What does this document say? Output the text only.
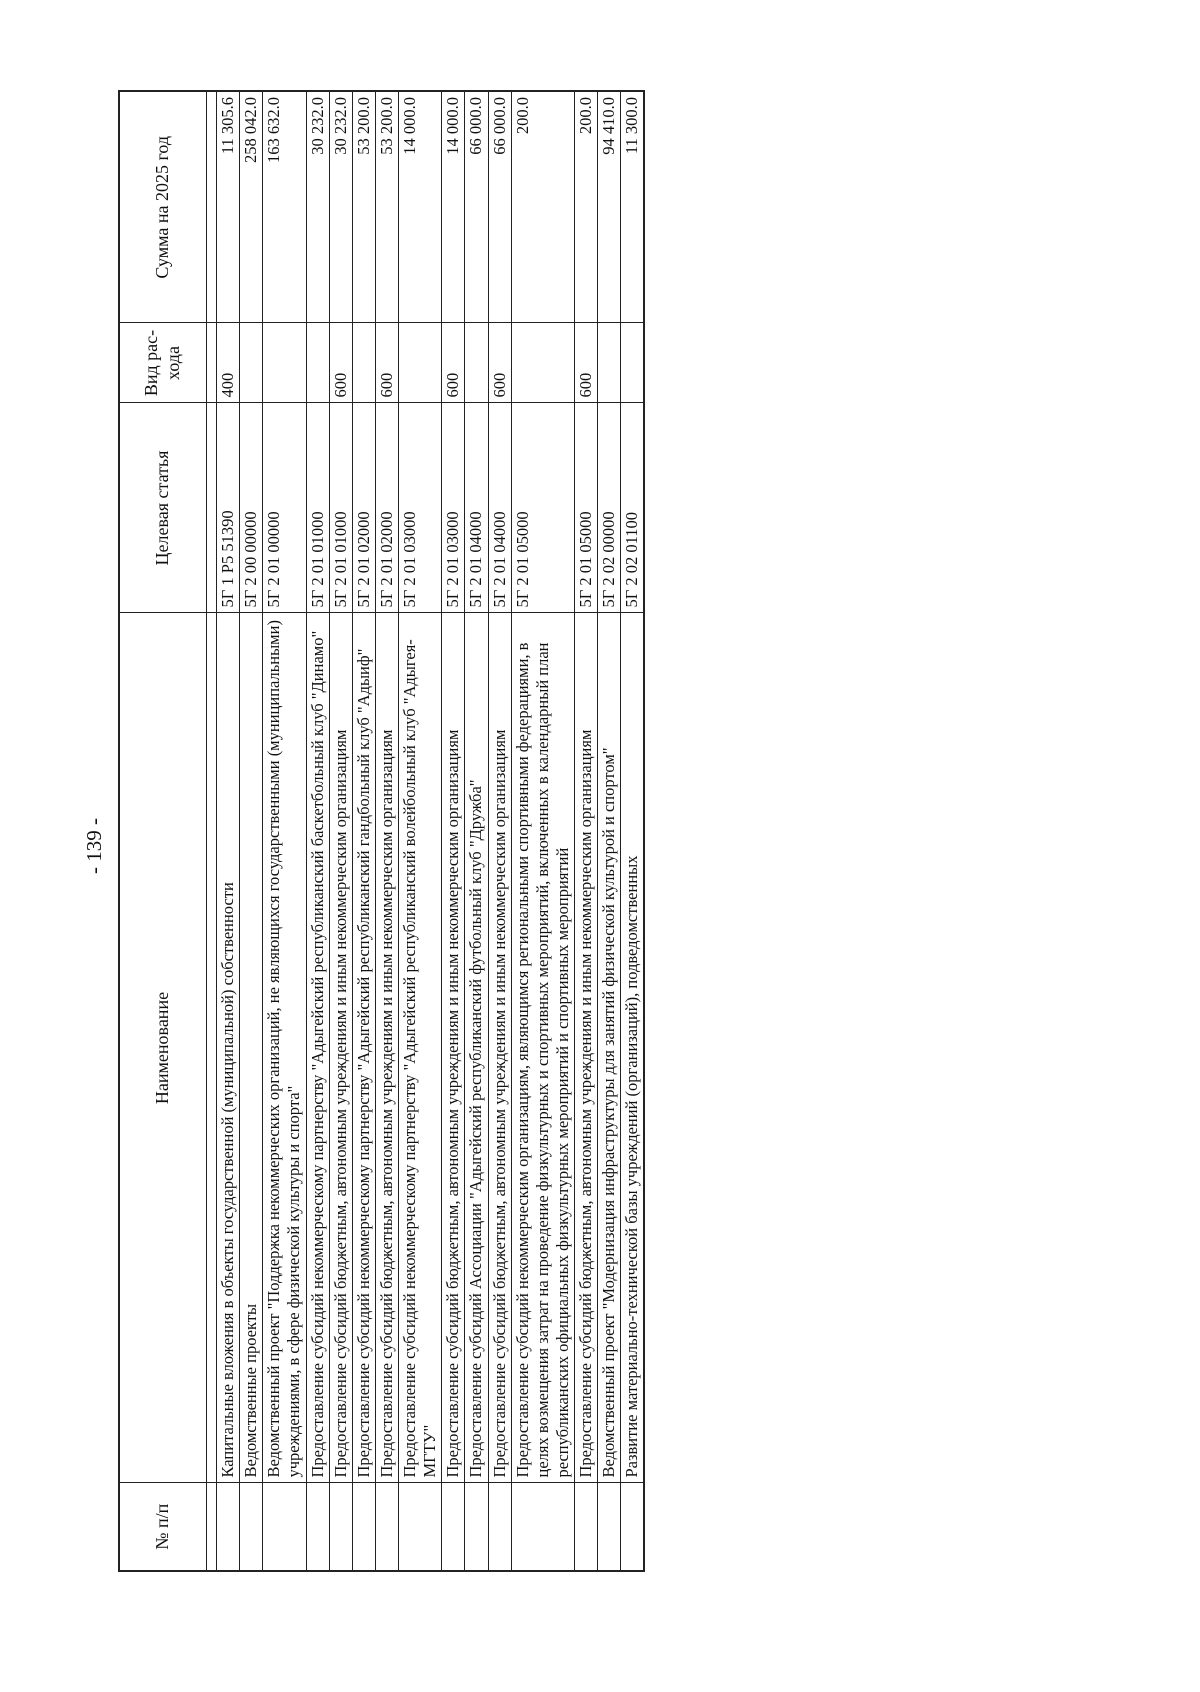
- 139 -
№ п/п	Наименование	Целевая статья	Вид рас- хода	Сумма на 2025 год

	Капитальные вложения в объекты государственной (муниципальной) собственности	5Г 1 Р5 51390	400	11 305.6
	Ведомственные проекты	5Г 2 00 00000		258 042.0
	Ведомственный проект "Поддержка некоммерческих организаций, не являющихся государственными (муниципальными) учреждениями, в сфере физической культуры и спорта"	5Г 2 01 00000		163 632.0
	Предоставление субсидий некоммерческому партнерству "Адыгейский республиканский баскетбольный клуб "Динамо"	5Г 2 01 01000		30 232.0
	Предоставление субсидий бюджетным, автономным учреждениям и иным некоммерческим организациям	5Г 2 01 01000	600	30 232.0
	Предоставление субсидий некоммерческому партнерству "Адыгейский республиканский гандбольный клуб "Адыиф"	5Г 2 01 02000		53 200.0
	Предоставление субсидий бюджетным, автономным учреждениям и иным некоммерческим организациям	5Г 2 01 02000	600	53 200.0
	Предоставление субсидий некоммерческому партнерству "Адыгейский республиканский волейбольный клуб "Адыгея-МГТУ"	5Г 2 01 03000		14 000.0
	Предоставление субсидий бюджетным, автономным учреждениям и иным некоммерческим организациям	5Г 2 01 03000	600	14 000.0
	Предоставление субсидий Ассоциации "Адыгейский республиканский футбольный клуб "Дружба"	5Г 2 01 04000		66 000.0
	Предоставление субсидий бюджетным, автономным учреждениям и иным некоммерческим организациям	5Г 2 01 04000	600	66 000.0
	Предоставление субсидий некоммерческим организациям, являющимся региональными спортивными федерациями, в целях возмещения затрат на проведение физкультурных и спортивных мероприятий, включенных в календарный план республиканских официальных физкультурных мероприятий и спортивных мероприятий	5Г 2 01 05000		200.0
	Предоставление субсидий бюджетным, автономным учреждениям и иным некоммерческим организациям	5Г 2 01 05000	600	200.0
	Ведомственный проект "Модернизация инфраструктуры для занятий физической культурой и спортом"	5Г 2 02 00000		94 410.0
	Развитие материально-технической базы учреждений (организаций), подведомственных	5Г 2 02 01100		11 300.0
